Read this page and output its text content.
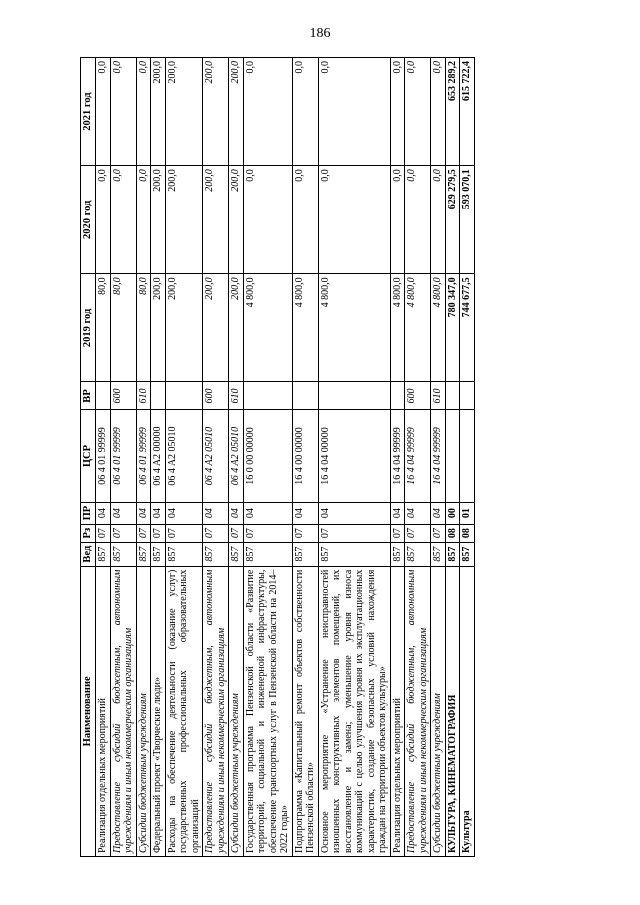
186
Наименование	Вед	Рз	ПР	ЦСР	ВР	2019 год	2020 год	2021 год
Реализация отдельных мероприятий	857	07	04	06 4 01 99999		80,0	0,0	0,0
Предоставление субсидий бюджетным, автономным учреждениям и иным некоммерческим организациям	857	07	04	06 4 01 99999	600	80,0	0,0	0,0
Субсидии бюджетным учреждениям	857	07	04	06 4 01 99999	610	80,0	0,0	0,0
Федеральный проект «Творческие люди»	857	07	04	06 4 A2 00000		200,0	200,0	200,0
Расходы на обеспечение деятельности (оказание услуг) государственных профессиональных образовательных организаций	857	07	04	06 4 A2 05010		200,0	200,0	200,0
Предоставление субсидий бюджетным, автономным учреждениям и иным некоммерческим организациям	857	07	04	06 4 A2 05010	600	200,0	200,0	200,0
Субсидии бюджетным учреждениям	857	07	04	06 4 A2 05010	610	200,0	200,0	200,0
Государственная программа Пензенской области «Развитие территорий, социальной и инженерной инфраструктуры, обеспечение транспортных услуг в Пензенской области на 2014–2022 годы»	857	07	04	16 0 00 00000		4 800,0	0,0	0,0
Подпрограмма «Капитальный ремонт объектов собственности Пензенской области»	857	07	04	16 4 00 00000		4 800,0	0,0	0,0
Основное мероприятие «Устранение неисправностей изношенных конструктивных элементов помещений, их восстановление и замена; уменьшение уровня износа коммуникаций с целью улучшения уровня их эксплуатационных характеристик, создание безопасных условий нахождения граждан на территории объектов культуры»	857	07	04	16 4 04 00000		4 800,0	0,0	0,0
Реализация отдельных мероприятий	857	07	04	16 4 04 99999		4 800,0	0,0	0,0
Предоставление субсидий бюджетным, автономным учреждениям и иным некоммерческим организациям	857	07	04	16 4 04 99999	600	4 800,0	0,0	0,0
Субсидии бюджетным учреждениям	857	07	04	16 4 04 99999	610	4 800,0	0,0	0,0
КУЛЬТУРА, КИНЕМАТОГРАФИЯ	857	08	00			780 347,0	629 279,5	653 289,2
Культура	857	08	01			744 677,5	593 070,1	615 722,4
